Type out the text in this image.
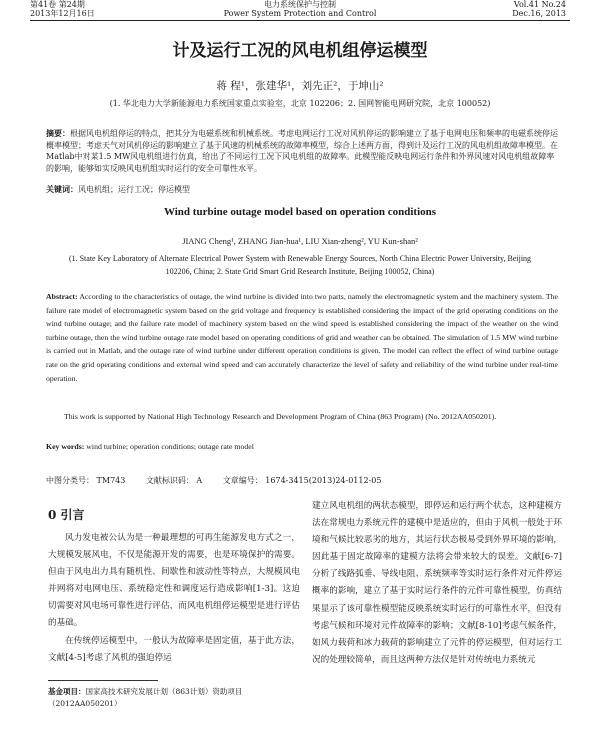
第41卷 第24期
2013年12月16日
电力系统保护与控制
Power System Protection and Control
Vol.41 No.24
Dec.16, 2013
计及运行工况的风电机组停运模型
蒋 程¹，张建华¹，刘先正²，于坤山²
(1. 华北电力大学新能源电力系统国家重点实验室，北京 102206；2. 国网智能电网研究院，北京 100052)
摘要：根据风电机组停运的特点，把其分为电磁系统和机械系统。考虑电网运行工况对风机停运的影响建立了基于电网电压和频率的电磁系统停运概率模型；考虑天气对风机停运的影响建立了基于风速的机械系统的故障率模型，综合上述两方面，得到计及运行工况的风电机组故障率模型。在Matlab中对某1.5 MW风电机组进行仿真，给出了不同运行工况下风电机组的故障率。此模型能反映电网运行条件和外界风速对风电机组故障率的影响，能够如实反映风电机组实时运行的安全可靠性水平。
关键词：风电机组；运行工况；停运模型
Wind turbine outage model based on operation conditions
JIANG Cheng¹, ZHANG Jian-hua¹, LIU Xian-zheng², YU Kun-shan²
(1. State Key Laboratory of Alternate Electrical Power System with Renewable Energy Sources, North China Electric Power University, Beijing 102206, China; 2. State Grid Smart Grid Research Institute, Beijing 100052, China)
Abstract: According to the characteristics of outage, the wind turbine is divided into two parts, namely the electromagnetic system and the machinery system. The failure rate model of electromagnetic system based on the grid voltage and frequency is established considering the impact of the grid operating conditions on the wind turbine outage; and the failure rate model of machinery system based on the wind speed is established considering the impact of the weather on the wind turbine outage, then the wind turbine outage rate model based on operating conditions of grid and weather can be obtained. The simulation of 1.5 MW wind turbine is carried out in Matlab, and the outage rate of wind turbine under different operation conditions is given. The model can reflect the effect of wind turbine outage rate on the grid operating conditions and external wind speed and can accurately characterize the level of safety and reliability of the wind turbine under real-time operation.
This work is supported by National High Technology Research and Development Program of China (863 Program) (No. 2012AA050201).
Key words: wind turbine; operation conditions; outage rate model
中图分类号： TM743	文献标识码： A	文章编号： 1674-3415(2013)24-0112-05
0 引言
风力发电被公认为是一种最理想的可再生能源发电方式之一，大规模发展风电，不仅是能源开发的需要，也是环境保护的需要。但由于风电出力具有随机性、间歇性和波动性等特点，大规模风电并网将对电网电压、系统稳定性和调度运行造成影响[1-3]。这迫切需要对风电场可靠性进行评估，而风电机组停运模型是进行评估的基础。
在传统停运模型中，一般认为故障率是固定值，基于此方法，文献[4-5]考虑了风机的强迫停运
建立风电机组的两状态模型，即停运和运行两个状态，这种建模方法在常规电力系统元件的建模中是适应的，但由于风机一般处于环境和气候比较恶劣的地方，其运行状态极易受到外界环境的影响，因此基于固定故障率的建模方法将会带来较大的误差。文献[6-7]分析了线路弧垂、导线电阻、系统频率等实时运行条件对元件停运概率的影响，建立了基于实时运行条件的元件可靠性模型，仿真结果显示了该可靠性模型能反映系统实时运行的可靠性水平，但没有考虑气候和环境对元件故障率的影响；文献[8-10]考虑气候条件，如风力载荷和冰力载荷的影响建立了元件的停运模型，但对运行工况的处理较简单，而且这两种方法仅是针对传统电力系统元
基金项目：国家高技术研究发展计划（863计划）资助项目（2012AA050201）
